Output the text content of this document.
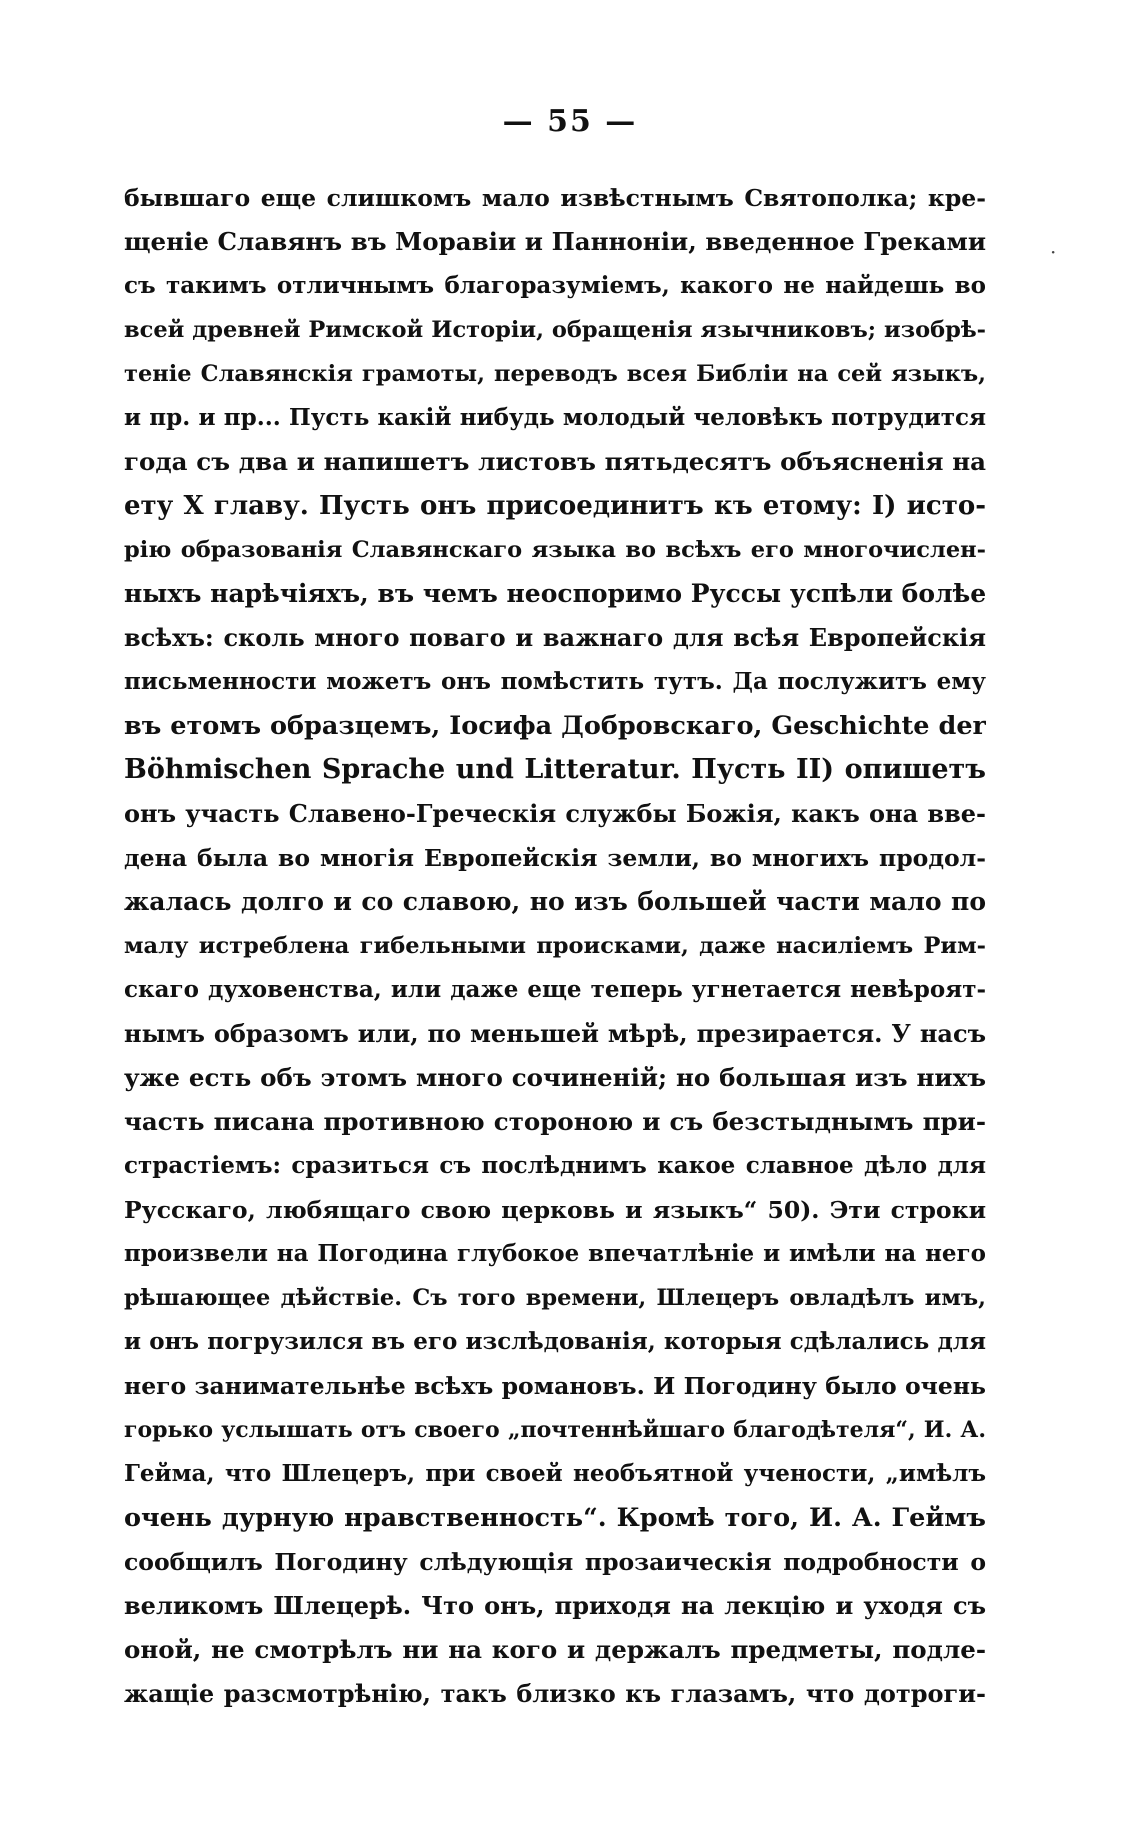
— 55 —
·
бывшаго еще слишкомъ мало извѣстнымъ Святополка; кре-
щеніе Славянъ въ Моравіи и Панноніи, введенное Греками
съ такимъ отличнымъ благоразуміемъ, какого не найдешь во
всей древней Римской Исторіи, обращенія язычниковъ; изобрѣ-
теніе Славянскія грамоты, переводъ всея Библіи на сей языкъ,
и пр. и пр... Пусть какій нибудь молодый человѣкъ потрудится
года съ два и напишетъ листовъ пятьдесятъ объясненія на
ету X главу. Пусть онъ присоединитъ къ етому: I) исто-
рію образованія Славянскаго языка во всѣхъ его многочислен-
ныхъ нарѣчіяхъ, въ чемъ неоспоримо Руссы успѣли болѣе
всѣхъ: сколь много поваго и важнаго для всѣя Европейскія
письменности можетъ онъ помѣстить тутъ. Да послужитъ ему
въ етомъ образцемъ, Іосифа Добровскаго, Geschichte der
Böhmischen Sprache und Litteratur. Пусть II) опишетъ
онъ участь Славено-Греческія службы Божія, какъ она вве-
дена была во многія Европейскія земли, во многихъ продол-
жалась долго и со славою, но изъ большей части мало по
малу истреблена гибельными происками, даже насиліемъ Рим-
скаго духовенства, или даже еще теперь угнетается невѣроят-
нымъ образомъ или, по меньшей мѣрѣ, презирается. У насъ
уже есть объ этомъ много сочиненій; но большая изъ нихъ
часть писана противною стороною и съ безстыднымъ при-
страстіемъ: сразиться съ послѣднимъ какое славное дѣло для
Русскаго, любящаго свою церковь и языкъ“ 50). Эти строки
произвели на Погодина глубокое впечатлѣніе и имѣли на него
рѣшающее дѣйствіе. Съ того времени, Шлецеръ овладѣлъ имъ,
и онъ погрузился въ его изслѣдованія, которыя сдѣлались для
него занимательнѣе всѣхъ романовъ. И Погодину было очень
горько услышать отъ своего „почтеннѣйшаго благодѣтеля“, И. А.
Гейма, что Шлецеръ, при своей необъятной учености, „имѣлъ
очень дурную нравственность“. Кромѣ того, И. А. Геймъ
сообщилъ Погодину слѣдующія прозаическія подробности о
великомъ Шлецерѣ. Что онъ, приходя на лекцію и уходя съ
оной, не смотрѣлъ ни на кого и держалъ предметы, подле-
жащіе разсмотрѣнію, такъ близко къ глазамъ, что дотроги-
